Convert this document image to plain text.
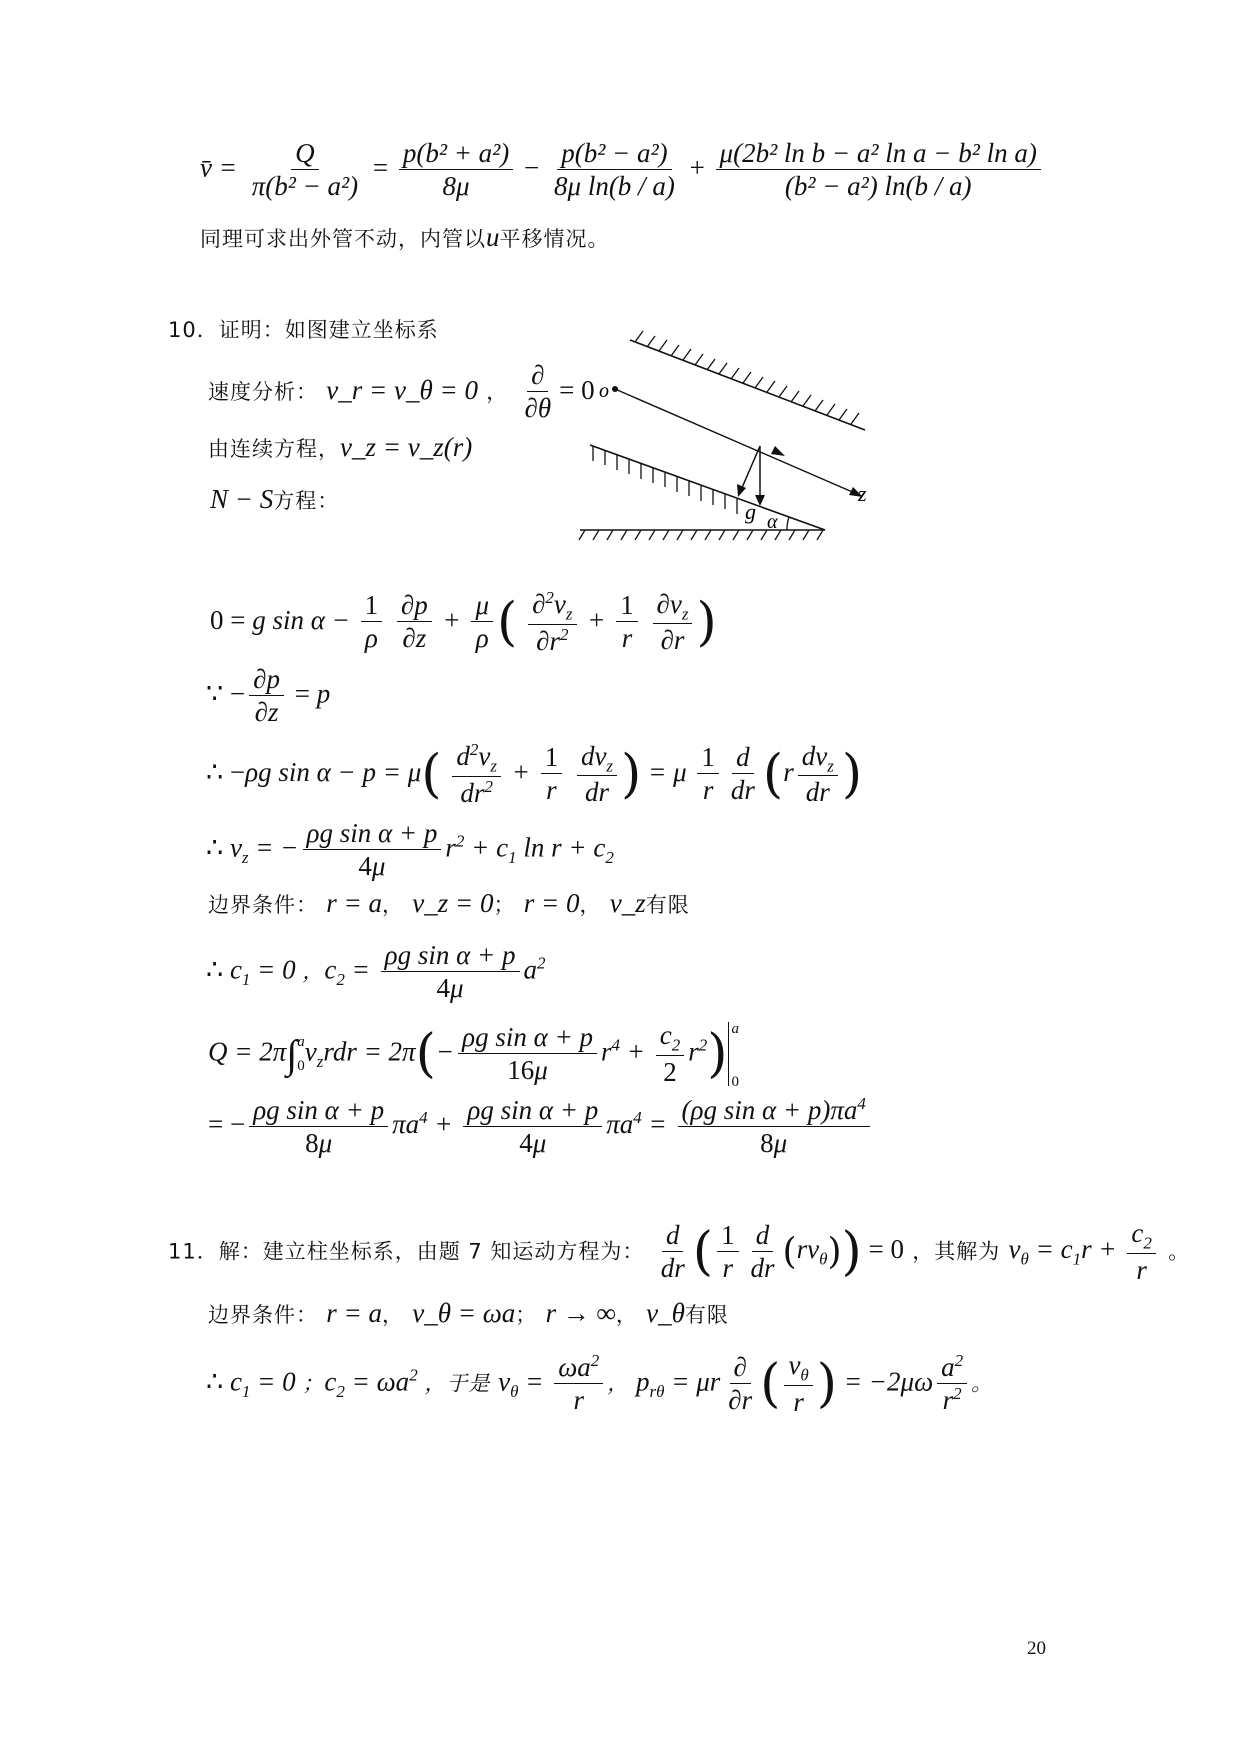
v̄ = $\frac{Q}{\text{π(b² − a²)}} = \frac{\text{p(b² + a²)}}{8\mu} - \frac{\text{p(b² − a²)}}{\text{8μ ln(b / a)}} + \frac{\text{μ(2b² ln b − a² ln a − b² ln a)}}{\text{(b² − a²) ln(b / a)}}$
同理可求出外管不动，内管以u平移情况。
10．证明：如图建立坐标系
速度分析： v_r = v_θ = 0 ， $\frac{\partial}{\partial\theta} = 0$
由连续方程，v_z = v_z(r)
N − S方程：
o
z
g α
0 = g $\sin \alpha - \frac{1}{\rho}$
$\frac{\partial p}{\partial z} + \frac{\mu}{\rho}$ ( $\frac{\partial^2v_z}{\partial r^2} + \frac{1}{r}$
$\frac{\partial v_z}{\partial r}$ )
∵ − $\frac{\partial p}{\partial z} = p$
∴ −ρg $\sin \alpha - p = \mu( \frac{d^2v_z}{dr^2} + \frac{1}{r}$
$\frac{dv_z}{dr}$ ) = μ $\frac{1}{r} \frac{d}{dr} (r \frac{dv_z}{dr}$ )
∴ $v_z$ = − $\frac{\text{ρg sin α + p}}{4\mu} r^2 + c_1$ $\ln r + c_2$
边界条件： r = a， v_z = 0； r = 0， v_z有限
∴ $c_1 = 0$ ，$c_2 = \frac{\text{ρg sin α + p}}{4\mu} a^2$
Q = 2π∫ a
0 $v_zrdr = 2\pi(- \frac{\text{ρg sin α + p}}{16\mu} r^4 + \frac{c_2}{2} r^2)$ a
0
= − $\frac{\text{ρg sin α + p}}{8\mu} \pi a^4 + \frac{\text{ρg sin α + p}}{4\mu} \pi a^4 = \frac{(\rho g \sin \alpha + p)\pi a^4}{8\mu}$
11．解：建立柱坐标系，由题 7 知运动方程为： $\frac{d}{dr}$ ( $\frac{1}{r} \frac{d}{dr} (rv_\theta)) = 0$ ，其解为 $v_\theta = c_1r + \frac{c_2}{r}$ 。
边界条件： r = a， v_θ = ωa； r → ∞， v_θ有限
∴ $c_1 = 0$ ；$c_2 = \omega a^2$ ，于是 $v_\theta = \frac{\omega a^2}{r}$ ， $p_{r\theta} = \mu r \frac{\partial}{\partial r}$ ( $\frac{v_\theta}{r}$ ) = $-2\mu\omega \frac{a^2}{r^2}$ 。
20
